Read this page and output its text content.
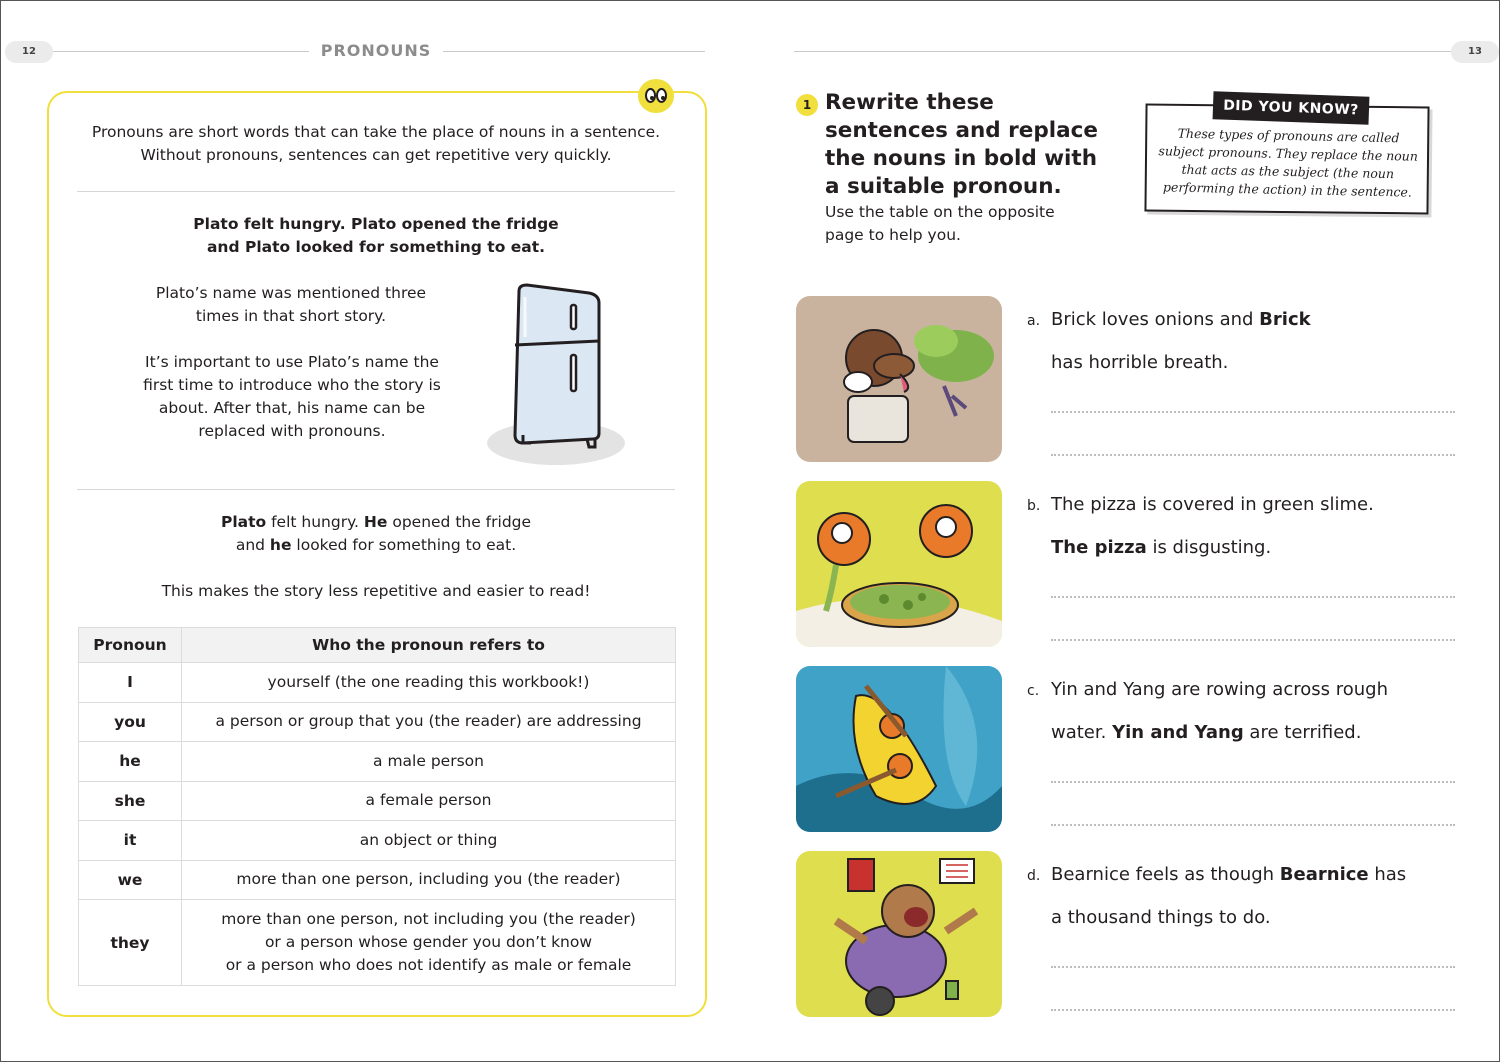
12	PRONOUNS
Pronouns are short words that can take the place of nouns in a sentence. Without pronouns, sentences can get repetitive very quickly.
Plato felt hungry. Plato opened the fridge
and Plato looked for something to eat.
Plato’s name was mentioned three times in that short story.
It’s important to use Plato’s name the first time to introduce who the story is about. After that, his name can be replaced with pronouns.
Plato felt hungry. He opened the fridge
and he looked for something to eat.
This makes the story less repetitive and easier to read!
Pronoun	Who the pronoun refers to
I	yourself (the one reading this workbook!)
you	a person or group that you (the reader) are addressing
he	a male person
she	a female person
it	an object or thing
we	more than one person, including you (the reader)
they	more than one person, not including you (the reader)
or a person whose gender you don’t know
or a person who does not identify as male or female
13
1 Rewrite these sentences and replace the nouns in bold with a suitable pronoun.
Use the table on the opposite page to help you.
DID YOU KNOW?
These types of pronouns are called subject pronouns. They replace the noun that acts as the subject (the noun performing the action) in the sentence.
a. Brick loves onions and Brick
has horrible breath.
b. The pizza is covered in green slime.
The pizza is disgusting.
c. Yin and Yang are rowing across rough
water. Yin and Yang are terrified.
d. Bearnice feels as though Bearnice has
a thousand things to do.
